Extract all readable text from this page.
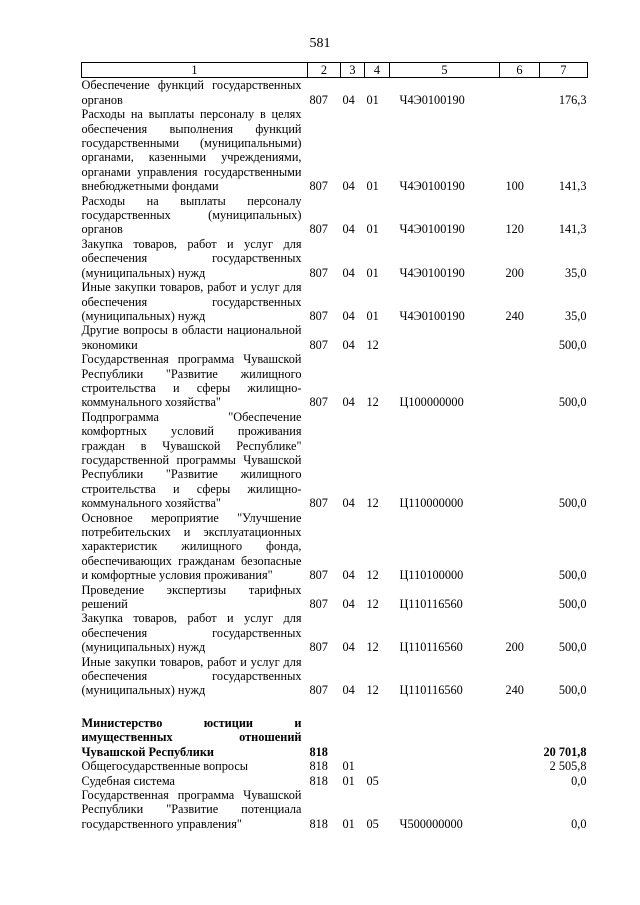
581
1	2	3	4	5	6	7
Обеспечение функций государственных органов	807	04	01	Ч4Э0100190		176,3
Расходы на выплаты персоналу в целях обеспечения выполнения функций государственными (муниципальными) органами, казенными учреждениями, органами управления государственными внебюджетными фондами	807	04	01	Ч4Э0100190	100	141,3
Расходы на выплаты персоналу государственных (муниципальных) органов	807	04	01	Ч4Э0100190	120	141,3
Закупка товаров, работ и услуг для обеспечения государственных (муниципальных) нужд	807	04	01	Ч4Э0100190	200	35,0
Иные закупки товаров, работ и услуг для обеспечения государственных (муниципальных) нужд	807	04	01	Ч4Э0100190	240	35,0
Другие вопросы в области национальной экономики	807	04	12			500,0
Государственная программа Чувашской Республики "Развитие жилищного строительства и сферы жилищно-коммунального хозяйства"	807	04	12	Ц100000000		500,0
Подпрограмма "Обеспечение комфортных условий проживания граждан в Чувашской Республике" государственной программы Чувашской Республики "Развитие жилищного строительства и сферы жилищно-коммунального хозяйства"	807	04	12	Ц110000000		500,0
Основное мероприятие "Улучшение потребительских и эксплуатационных характеристик жилищного фонда, обеспечивающих гражданам безопасные и комфортные условия проживания"	807	04	12	Ц110100000		500,0
Проведение экспертизы тарифных решений	807	04	12	Ц110116560		500,0
Закупка товаров, работ и услуг для обеспечения государственных (муниципальных) нужд	807	04	12	Ц110116560	200	500,0
Иные закупки товаров, работ и услуг для обеспечения государственных (муниципальных) нужд	807	04	12	Ц110116560	240	500,0

Министерство юстиции и имущественных отношений Чувашской Республики	818					20 701,8
Общегосударственные вопросы	818	01				2 505,8
Судебная система	818	01	05			0,0
Государственная программа Чувашской Республики "Развитие потенциала государственного управления"	818	01	05	Ч500000000		0,0
